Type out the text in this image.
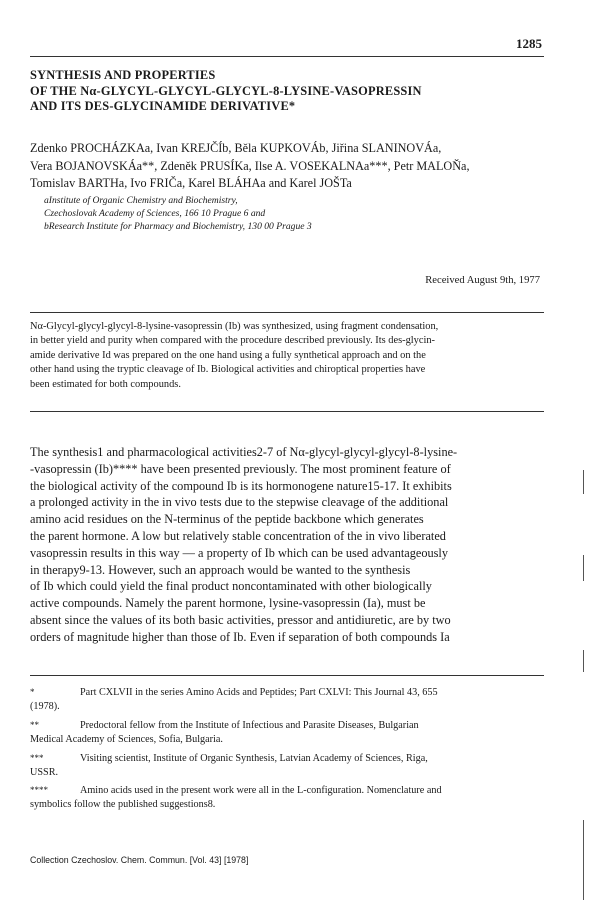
1285
SYNTHESIS AND PROPERTIES
OF THE Nα-GLYCYL-GLYCYL-GLYCYL-8-LYSINE-VASOPRESSIN
AND ITS DES-GLYCINAMIDE DERIVATIVE*
Zdenko PROCHÁZKAa, Ivan KREJČÍb, Běla KUPKOVÁb, Jiřina SLANINOVÁa,
Vera BOJANOVSKÁa**, Zdeněk PRUSÍKa, Ilse A. VOSEKALNAa***, Petr MALOŇa,
Tomislav BARTHa, Ivo FRIČa, Karel BLÁHAa and Karel JOŠTa
aInstitute of Organic Chemistry and Biochemistry,
Czechoslovak Academy of Sciences, 166 10 Prague 6 and
bResearch Institute for Pharmacy and Biochemistry, 130 00 Prague 3
Received August 9th, 1977
Nα-Glycyl-glycyl-glycyl-8-lysine-vasopressin (Ib) was synthesized, using fragment condensation,
in better yield and purity when compared with the procedure described previously. Its des-glycin-
amide derivative Id was prepared on the one hand using a fully synthetical approach and on the
other hand using the tryptic cleavage of Ib. Biological activities and chiroptical properties have
been estimated for both compounds.
The synthesis1 and pharmacological activities2-7 of Nα-glycyl-glycyl-glycyl-8-lysine-
-vasopressin (Ib)**** have been presented previously. The most prominent feature of
the biological activity of the compound Ib is its hormonogene nature15-17. It exhibits
a prolonged activity in the in vivo tests due to the stepwise cleavage of the additional
amino acid residues on the N-terminus of the peptide backbone which generates
the parent hormone. A low but relatively stable concentration of the in vivo liberated
vasopressin results in this way — a property of Ib which can be used advantageously
in therapy9-13. However, such an approach would be wanted to the synthesis
of Ib which could yield the final product noncontaminated with other biologically
active compounds. Namely the parent hormone, lysine-vasopressin (Ia), must be
absent since the values of its both basic activities, pressor and antidiuretic, are by two
orders of magnitude higher than those of Ib. Even if separation of both compounds Ia
*	Part CXLVII in the series Amino Acids and Peptides; Part CXLVI: This Journal 43, 655
(1978).
**	Predoctoral fellow from the Institute of Infectious and Parasite Diseases, Bulgarian
Medical Academy of Sciences, Sofia, Bulgaria.
***	Visiting scientist, Institute of Organic Synthesis, Latvian Academy of Sciences, Riga,
USSR.
****	Amino acids used in the present work were all in the L-configuration. Nomenclature and
symbolics follow the published suggestions8.
Collection Czechoslov. Chem. Commun. [Vol. 43] [1978]
